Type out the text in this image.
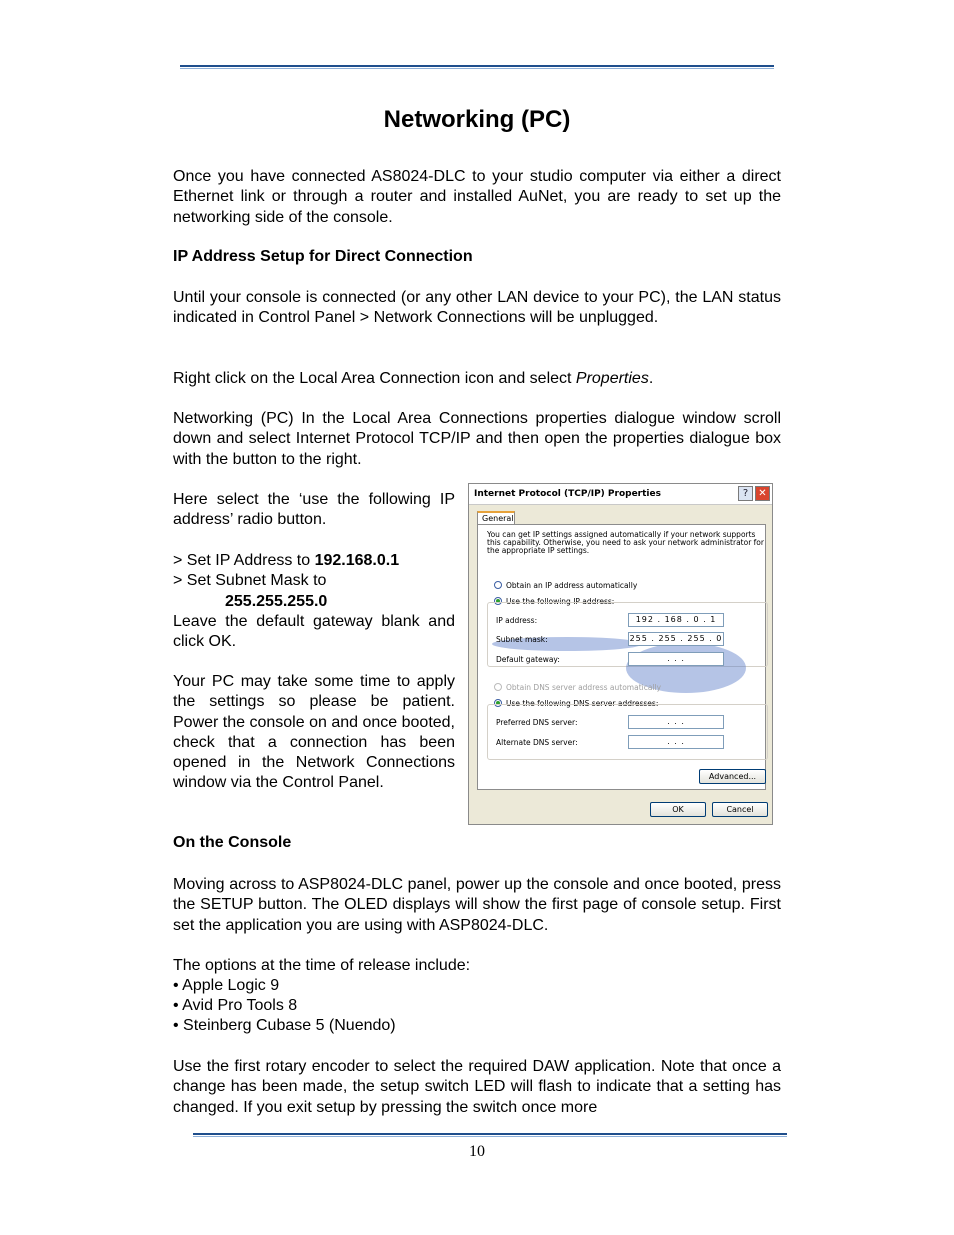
Networking (PC)

Once you have connected AS8024-DLC to your studio computer via either a direct Ethernet link or through a router and installed AuNet, you are ready to set up the networking side of the console.

IP Address Setup for Direct Connection

Until your console is connected (or any other LAN device to your PC), the LAN status indicated in Control Panel > Network Connections will be unplugged.

Right click on the Local Area Connection icon and select Properties.

Networking (PC) In the Local Area Connections properties dialogue window scroll down and select Internet Protocol TCP/IP and then open the properties dialogue box with the button to the right.

Here select the ‘use the following IP address’ radio button.

> Set IP Address to 192.168.0.1
> Set Subnet Mask to

255.255.255.0
Leave the default gateway blank and click OK.

Your PC may take some time to apply the settings so please be patient. Power the console on and once booted, check that a connection has been opened in the Network Connections window via the Control Panel.

Internet Protocol (TCP/IP) Properties	?	✕
General
You can get IP settings assigned automatically if your network supports
this capability. Otherwise, you need to ask your network administrator for
the appropriate IP settings.
Obtain an IP address automatically
Use the following IP address:
IP address:	192 . 168 . 0 . 1
Subnet mask:	255 . 255 . 255 . 0
Default gateway:	. . .
Obtain DNS server address automatically
Use the following DNS server addresses:
Preferred DNS server:	. . .
Alternate DNS server:	. . .
Advanced...
OK	Cancel

On the Console

Moving across to ASP8024-DLC panel, power up the console and once booted, press the SETUP button. The OLED displays will show the first page of console setup. First set the application you are using with ASP8024-DLC.

The options at the time of release include:

• Apple Logic 9

• Avid Pro Tools 8

• Steinberg Cubase 5 (Nuendo)

Use the first rotary encoder to select the required DAW application. Note that once a change has been made, the setup switch LED will flash to indicate that a setting has changed. If you exit setup by pressing the switch once more

10
